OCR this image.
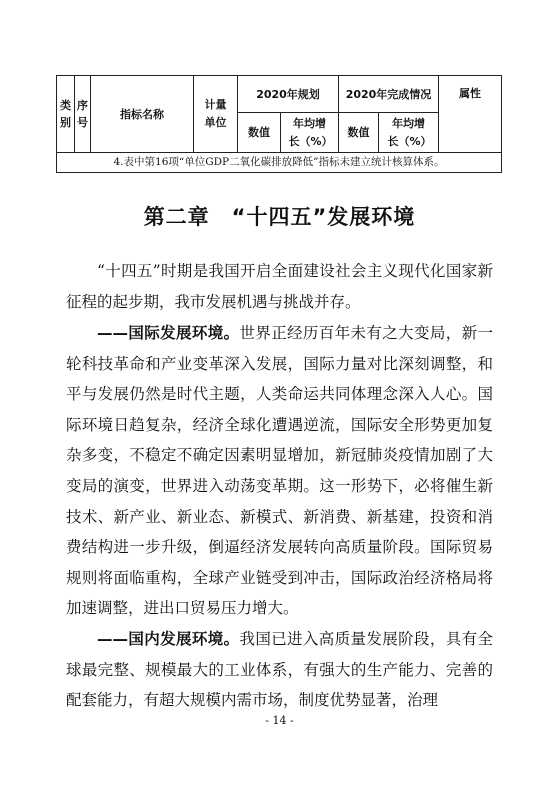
类别	序号	指标名称	计量单位	2020年规划		2020年完成情况		属性
				数值	年均增长（%）	数值	年均增长（%）	
4.表中第16项“单位GDP二氧化碳排放降低”指标未建立统计核算体系。								
第二章　“十四五”发展环境

“十四五”时期是我国开启全面建设社会主义现代化国家新征程的起步期，我市发展机遇与挑战并存。

——国际发展环境。世界正经历百年未有之大变局，新一轮科技革命和产业变革深入发展，国际力量对比深刻调整，和平与发展仍然是时代主题，人类命运共同体理念深入人心。国际环境日趋复杂，经济全球化遭遇逆流，国际安全形势更加复杂多变，不稳定不确定因素明显增加，新冠肺炎疫情加剧了大变局的演变，世界进入动荡变革期。这一形势下，必将催生新技术、新产业、新业态、新模式、新消费、新基建，投资和消费结构进一步升级，倒逼经济发展转向高质量阶段。国际贸易规则将面临重构，全球产业链受到冲击，国际政治经济格局将加速调整，进出口贸易压力增大。

——国内发展环境。我国已进入高质量发展阶段，具有全球最完整、规模最大的工业体系，有强大的生产能力、完善的配套能力，有超大规模内需市场，制度优势显著，治理

- 14 -
